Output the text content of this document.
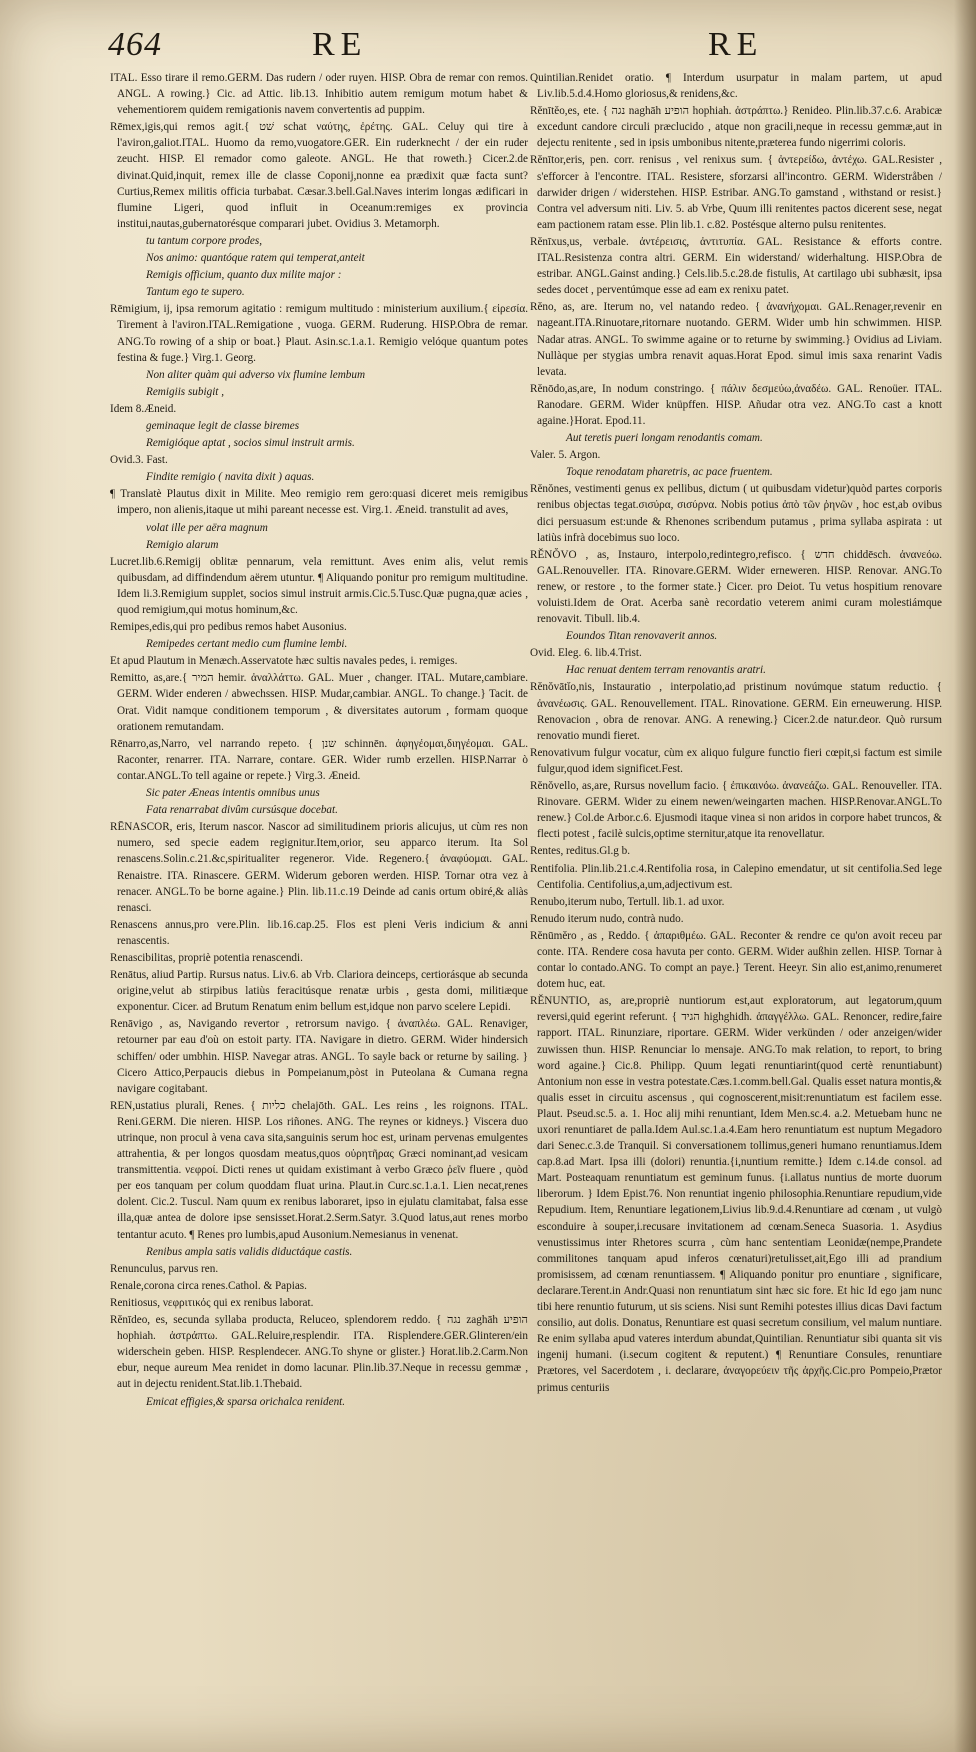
464	RE	RE

ITAL. Esso tirare il remo.GERM. Das rudern / oder ruyen. HISP. Obra de remar con remos. ANGL. A rowing.} Cic. ad Attic. lib.13. Inhibitio autem remigum motum habet & vehementiorem quidem remigationis navem convertentis ad puppim.

Rēmex,igis,qui remos agit.{ שׁט schat ναύτης, ἐρέτης. GAL. Celuy qui tire à l'aviron,galiot.ITAL. Huomo da remo,vuogatore.GER. Ein ruderknecht / der ein ruder zeucht. HISP. El remador como galeote. ANGL. He that roweth.} Cicer.2.de divinat.Quid,inquit, remex ille de classe Coponij,nonne ea prædixit quæ facta sunt? Curtius,Remex militis officia turbabat. Cæsar.3.bell.Gal.Naves interim longas ædificari in flumine Ligeri, quod influit in Oceanum:remiges ex provincia institui,nautas,gubernatorésque comparari jubet. Ovidius 3. Metamorph.

tu tantum corpore prodes,

Nos animo: quantóque ratem qui temperat,anteit

Remigis officium, quanto dux milite major :

Tantum ego te supero.

Rēmigium, ij, ipsa remorum agitatio : remigum multitudo : ministerium auxilium.{ εἰρεσία. Tirement à l'aviron.ITAL.Remigatione , vuoga. GERM. Ruderung. HISP.Obra de remar. ANG.To rowing of a ship or boat.} Plaut. Asin.sc.1.a.1. Remigio velóque quantum potes festina & fuge.} Virg.1. Georg.

Non aliter quàm qui adverso vix flumine lembum

Remigiis subigit ,

Idem 8.Æneid.

geminaque legit de classe biremes

Remigióque aptat , socios simul instruit armis.

Ovid.3. Fast.

Findite remigio ( navita dixit ) aquas.

¶ Translatè Plautus dixit in Milite. Meo remigio rem gero:quasi diceret meis remigibus impero, non alienis,itaque ut mihi pareant necesse est. Virg.1. Æneid. transtulit ad aves,

volat ille per aëra magnum

Remigio alarum

Lucret.lib.6.Remigij oblitæ pennarum, vela remittunt. Aves enim alis, velut remis quibusdam, ad diffindendum aërem utuntur. ¶ Aliquando ponitur pro remigum multitudine. Idem li.3.Remigium supplet, socios simul instruit armis.Cic.5.Tusc.Quæ pugna,quæ acies , quod remigium,qui motus hominum,&c.

Remipes,edis,qui pro pedibus remos habet Ausonius.

Remipedes certant medio cum flumine lembi.

Et apud Plautum in Menæch.Asservatote hæc sultis navales pedes, i. remiges.

Remitto, as,are.{ המיר hemir. ἀναλλάττω. GAL. Muer , changer. ITAL. Mutare,cambiare. GERM. Wider enderen / abwechssen. HISP. Mudar,cambiar. ANGL. To change.} Tacit. de Orat. Vidit namque conditionem temporum , & diversitates autorum , formam quoque orationem remutandam.

Rēnarro,as,Narro, vel narrando repeto. { שנן schinnēn. ἀφηγέομαι,διηγέομαι. GAL. Raconter, renarrer. ITA. Narrare, contare. GER. Wider rumb erzellen. HISP.Narrar ò contar.ANGL.To tell againe or repete.} Virg.3. Æneid.

Sic pater Æneas intentis omnibus unus

Fata renarrabat divûm cursúsque docebat.

RĒNASCOR, eris, Iterum nascor. Nascor ad similitudinem prioris alicujus, ut cùm res non numero, sed specie eadem regignitur.Item,orior, seu apparco iterum. Ita Sol renascens.Solin.c.21.&c,spiritualiter regeneror. Vide. Regenero.{ ἀναφύομαι. GAL. Renaistre. ITA. Rinascere. GERM. Widerum geboren werden. HISP. Tornar otra vez à renacer. ANGL.To be borne againe.} Plin. lib.11.c.19 Deinde ad canis ortum obiré,& aliàs renasci.

Renascens annus,pro vere.Plin. lib.16.cap.25. Flos est pleni Veris indicium & anni renascentis.

Renascibilitas, propriè potentia renascendi.

Renātus, aliud Partip. Rursus natus. Liv.6. ab Vrb. Clariora deinceps, certiorásque ab secunda origine,velut ab stirpibus latiùs feracitúsque renatæ urbis , gesta domi, militiæque exponentur. Cicer. ad Brutum Renatum enim bellum est,idque non parvo scelere Lepidi.

Renāvigo , as, Navigando revertor , retrorsum navigo. { ἀναπλέω. GAL. Renaviger, retourner par eau d'où on estoit party. ITA. Navigare in dietro. GERM. Wider hindersich schiffen/ oder umbhin. HISP. Navegar atras. ANGL. To sayle back or returne by sailing. } Cicero Attico,Perpaucis diebus in Pompeianum,pòst in Puteolana & Cumana regna navigare cogitabant.

REN,ustatius plurali, Renes. { כליות chelajōth. GAL. Les reins , les roignons. ITAL. Reni.GERM. Die nieren. HISP. Los riñones. ANG. The reynes or kidneys.} Viscera duo utrinque, non procul à vena cava sita,sanguinis serum hoc est, urinam pervenas emulgentes attrahentia, & per longos quosdam meatus,quos οὐρητῆρας Græci nominant,ad vesicam transmittentia. νεφροί. Dicti renes ut quidam existimant à verbo Græco ῥεῖν fluere , quòd per eos tanquam per colum quoddam fluat urina. Plaut.in Curc.sc.1.a.1. Lien necat,renes dolent. Cic.2. Tuscul. Nam quum ex renibus laboraret, ipso in ejulatu clamitabat, falsa esse illa,quæ antea de dolore ipse sensisset.Horat.2.Serm.Satyr. 3.Quod latus,aut renes morbo tentantur acuto. ¶ Renes pro lumbis,apud Ausonium.Nemesianus in venenat.

Renibus ampla satis validis diductáque castis.

Renunculus, parvus ren.

Renale,corona circa renes.Cathol. & Papias.

Renitiosus, νεφριτικός qui ex renibus laborat.

Rĕnīdeo, es, secunda syllaba producta, Reluceo, splendorem reddo. { נגה zaghāh הופיע hophiah. ἀστράπτω. GAL.Reluire,resplendir. ITA. Risplendere.GER.Glinteren/ein widerschein geben. HISP. Resplendecer. ANG.To shyne or glister.} Horat.lib.2.Carm.Non ebur, neque aureum Mea renidet in domo lacunar. Plin.lib.37.Neque in recessu gemmæ , aut in dejectu renident.Stat.lib.1.Thebaid.

Emicat effigies,& sparsa orichalca renident.

Quintilian.Renidet oratio. ¶ Interdum usurpatur in malam partem, ut apud Liv.lib.5.d.4.Homo gloriosus,& renidens,&c.

Rĕnītĕo,es, ete. { נגה naghāh הופיע hophiah. ἀστράπτω.} Renideo. Plin.lib.37.c.6. Arabicæ excedunt candore circuli præclucido , atque non gracili,neque in recessu gemmæ,aut in dejectu renitente , sed in ipsis umbonibus nitente,præterea fundo nigerrimi coloris.

Rĕnītor,eris, pen. corr. renisus , vel renixus sum. { ἀντερείδω, ἀντέχω. GAL.Resister , s'efforcer à l'encontre. ITAL. Resistere, sforzarsi all'incontro. GERM. Widerstråben / darwider drigen / widerstehen. HISP. Estribar. ANG.To gamstand , withstand or resist.} Contra vel adversum niti. Liv. 5. ab Vrbe, Quum illi renitentes pactos dicerent sese, negat eam pactionem ratam esse. Plin lib.1. c.82. Postésque alterno pulsu renitentes.

Rĕnīxus,us, verbale. ἀντέρεισις, ἀντιτυπία. GAL. Resistance & efforts contre. ITAL.Resistenza contra altri. GERM. Ein widerstand/ widerhaltung. HISP.Obra de estribar. ANGL.Gainst anding.} Cels.lib.5.c.28.de fistulis, At cartilago ubi subhæsit, ipsa sedes docet , perventúmque esse ad eam ex renixu patet.

Rĕno, as, are. Iterum no, vel natando redeo. { ἀνανήχομαι. GAL.Renager,revenir en nageant.ITA.Rinuotare,ritornare nuotando. GERM. Wider umb hin schwimmen. HISP. Nadar atras. ANGL. To swimme againe or to returne by swimming.} Ovidius ad Liviam. Nullàque per stygias umbra renavit aquas.Horat Epod. simul imis saxa renarint Vadis levata.

Rĕnōdo,as,are, In nodum constringo. { πάλιν δεσμεύω,ἀναδέω. GAL. Renoüer. ITAL. Ranodare. GERM. Wider knüpffen. HISP. Añudar otra vez. ANG.To cast a knott againe.}Horat. Epod.11.

Aut teretis pueri longam renodantis comam.

Valer. 5. Argon.

Toque renodatam pharetris, ac pace fruentem.

Rĕnŏnes, vestimenti genus ex pellibus, dictum ( ut quibusdam videtur)quòd partes corporis renibus objectas tegat.σισύρα, σισύρνα. Nobis potius ἀπὸ τῶν ῥηνῶν , hoc est,ab ovibus dici persuasum est:unde & Rhenones scribendum putamus , prima syllaba aspirata : ut latiùs infrà docebimus suo loco.

RĔNŎVO , as, Instauro, interpolo,redintegro,refisco. { חדש chiddēsch. ἀνανεόω. GAL.Renouveller. ITA. Rinovare.GERM. Wider erneweren. HISP. Renovar. ANG.To renew, or restore , to the former state.} Cicer. pro Deiot. Tu vetus hospitium renovare voluisti.Idem de Orat. Acerba sanè recordatio veterem animi curam molestiámque renovavit. Tibull. lib.4.

Eoundos Titan renovaverit annos.

Ovid. Eleg. 6. lib.4.Trist.

Hac renuat dentem terram renovantis aratri.

Rĕnŏvātĭo,nis, Instauratio , interpolatio,ad pristinum novúmque statum reductio. { ἀνανέωσις. GAL. Renouvellement. ITAL. Rinovatione. GERM. Ein erneuwerung. HISP. Renovacion , obra de renovar. ANG. A renewing.} Cicer.2.de natur.deor. Quò rursum renovatio mundi fieret.

Renovativum fulgur vocatur, cùm ex aliquo fulgure functio fieri cœpit,si factum est simile fulgur,quod idem significet.Fest.

Rĕnŏvello, as,are, Rursus novellum facio. { ἐπικαινόω. ἀνανεάζω. GAL. Renouveller. ITA. Rinovare. GERM. Wider zu einem newen/weingarten machen. HISP.Renovar.ANGL.To renew.} Col.de Arbor.c.6. Ejusmodi itaque vinea si non aridos in corpore habet truncos, & flecti potest , facilè sulcis,optime sternitur,atque ita renovellatur.

Rentes, reditus.Gl.g b.

Rentifolia. Plin.lib.21.c.4.Rentifolia rosa, in Calepino emendatur, ut sit centifolia.Sed lege Centifolia. Centifolius,a,um,adjectivum est.

Renubo,iterum nubo, Tertull. lib.1. ad uxor.

Renudo iterum nudo, contrà nudo.

Rĕnūmĕro , as , Reddo. { ἀπαριθμέω. GAL. Reconter & rendre ce qu'on avoit receu par conte. ITA. Rendere cosa havuta per conto. GERM. Wider außhin zellen. HISP. Tornar à contar lo contado.ANG. To compt an paye.} Terent. Heeyr. Sin alio est,animo,renumeret dotem huc, eat.

RĔNUNTIO, as, are,propriè nuntiorum est,aut exploratorum, aut legatorum,quum reversi,quid egerint referunt. { הגיד highghidh. ἀπαγγέλλω. GAL. Renoncer, redire,faire rapport. ITAL. Rinunziare, riportare. GERM. Wider verkünden / oder anzeigen/wider zuwissen thun. HISP. Renunciar lo mensaje. ANG.To mak relation, to report, to bring word againe.} Cic.8. Philipp. Quum legati renuntiarint(quod certè renuntiabunt) Antonium non esse in vestra potestate.Cæs.1.comm.bell.Gal. Qualis esset natura montis,& qualis esset in circuitu ascensus , qui cognoscerent,misit:renuntiatum est facilem esse. Plaut. Pseud.sc.5. a. 1. Hoc alij mihi renuntiant, Idem Men.sc.4. a.2. Metuebam hunc ne uxori renuntiaret de palla.Idem Aul.sc.1.a.4.Eam hero renuntiatum est nuptum Megadoro dari Senec.c.3.de Tranquil. Si conversationem tollimus,generi humano renuntiamus.Idem cap.8.ad Mart. Ipsa illi (dolori) renuntia.{i,nuntium remitte.} Idem c.14.de consol. ad Mart. Posteaquam renuntiatum est geminum funus. {i.allatus nuntius de morte duorum liberorum. } Idem Epist.76. Non renuntiat ingenio philosophia.Renuntiare repudium,vide Repudium. Item, Renuntiare legationem,Livius lib.9.d.4.Renuntiare ad cœnam , ut vulgò esconduire à souper,i.recusare invitationem ad cœnam.Seneca Suasoria. 1. Asydius venustissimus inter Rhetores scurra , cùm hanc sententiam Leonidæ(nempe,Prandete commilitones tanquam apud inferos cœnaturi)retulisset,ait,Ego illi ad prandium promisissem, ad cœnam renuntiassem. ¶ Aliquando ponitur pro enuntiare , significare, declarare.Terent.in Andr.Quasi non renuntiatum sint hæc sic fore. Et hic Id ego jam nunc tibi here renuntio futurum, ut sis sciens. Nisi sunt Remihi potestes illius dicas Davi factum consilio, aut dolis. Donatus, Renuntiare est quasi secretum consilium, vel malum nuntiare. Re enim syllaba apud vateres interdum abundat,Quintilian. Renuntiatur sibi quanta sit vis ingenij humani. (i.secum cogitent & reputent.) ¶ Renuntiare Consules, renuntiare Prætores, vel Sacerdotem , i. declarare, ἀναγορεύειν τῆς ἀρχῆς.Cic.pro Pompeio,Prætor primus centuriis
